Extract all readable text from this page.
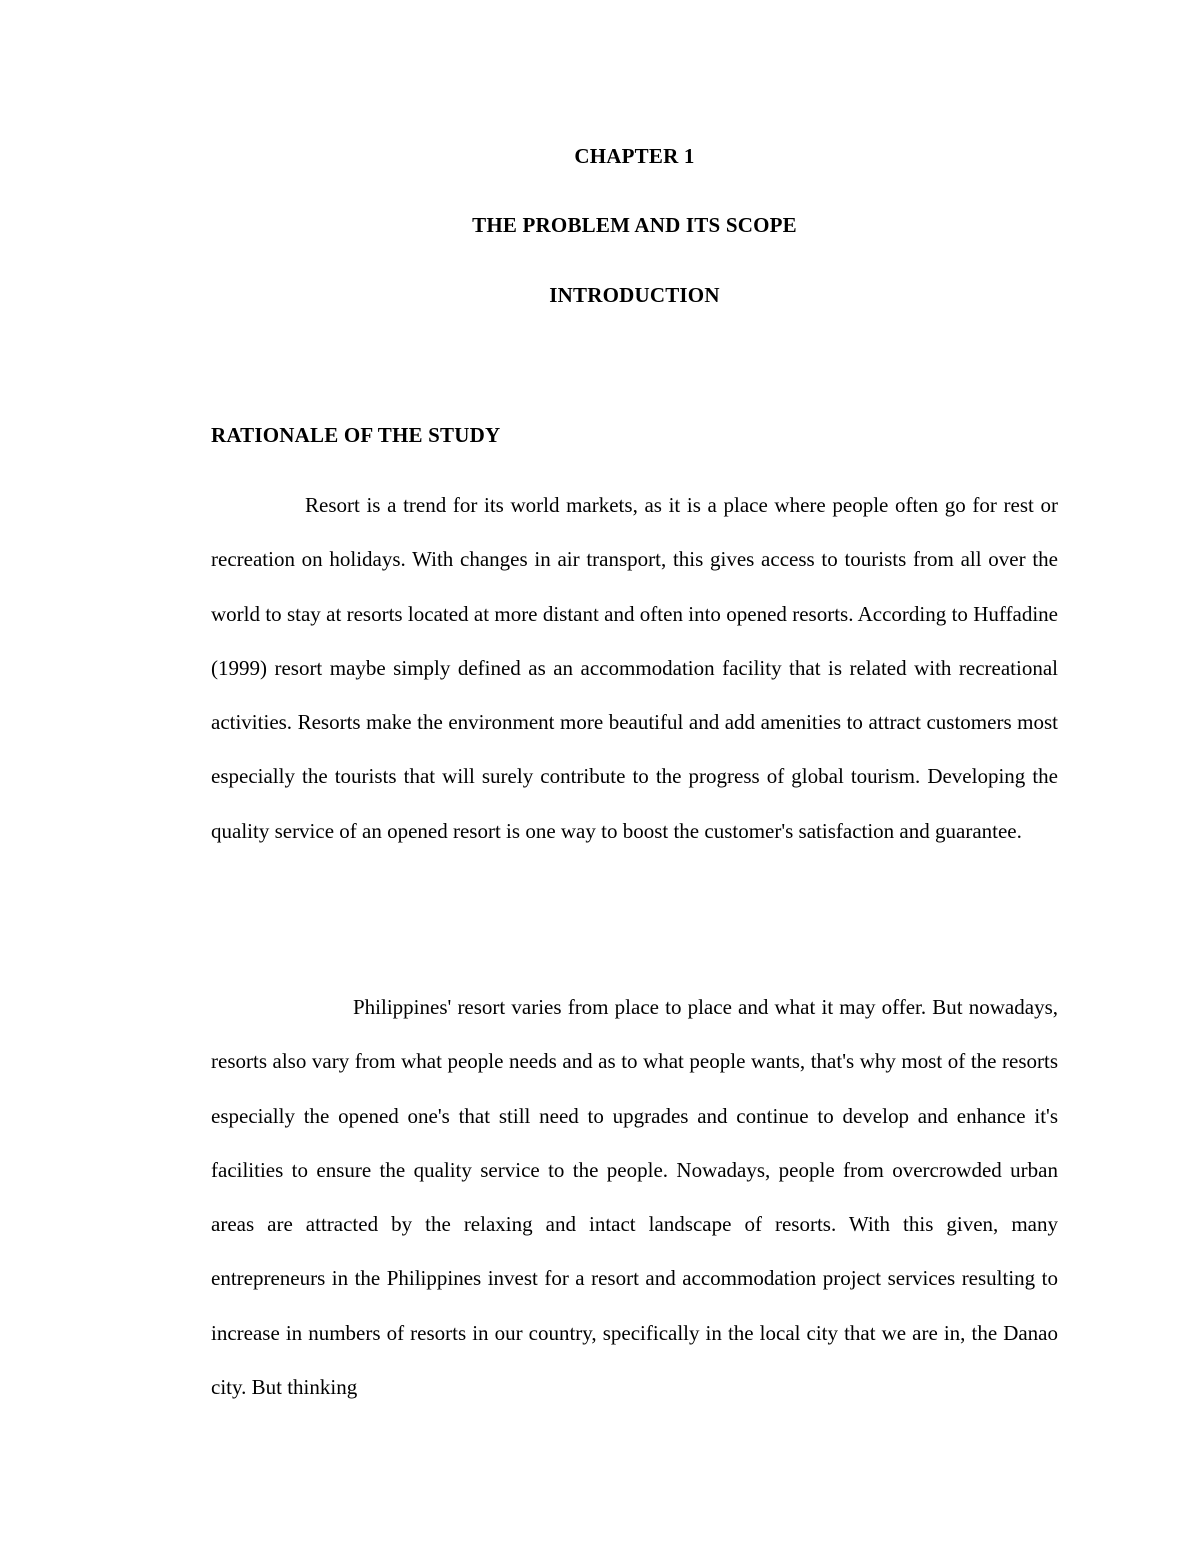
CHAPTER 1
THE PROBLEM AND ITS SCOPE
INTRODUCTION
RATIONALE OF THE STUDY

Resort is a trend for its world markets, as it is a place where people often go for rest or recreation on holidays. With changes in air transport, this gives access to tourists from all over the world to stay at resorts located at more distant and often into opened resorts. According to Huffadine (1999) resort maybe simply defined as an accommodation facility that is related with recreational activities. Resorts make the environment more beautiful and add amenities to attract customers most especially the tourists that will surely contribute to the progress of global tourism. Developing the quality service of an opened resort is one way to boost the customer's satisfaction and guarantee.

Philippines' resort varies from place to place and what it may offer. But nowadays, resorts also vary from what people needs and as to what people wants, that's why most of the resorts especially the opened one's that still need to upgrades and continue to develop and enhance it's facilities to ensure the quality service to the people. Nowadays, people from overcrowded urban areas are attracted by the relaxing and intact landscape of resorts. With this given, many entrepreneurs in the Philippines invest for a resort and accommodation project services resulting to increase in numbers of resorts in our country, specifically in the local city that we are in, the Danao city. But thinking
